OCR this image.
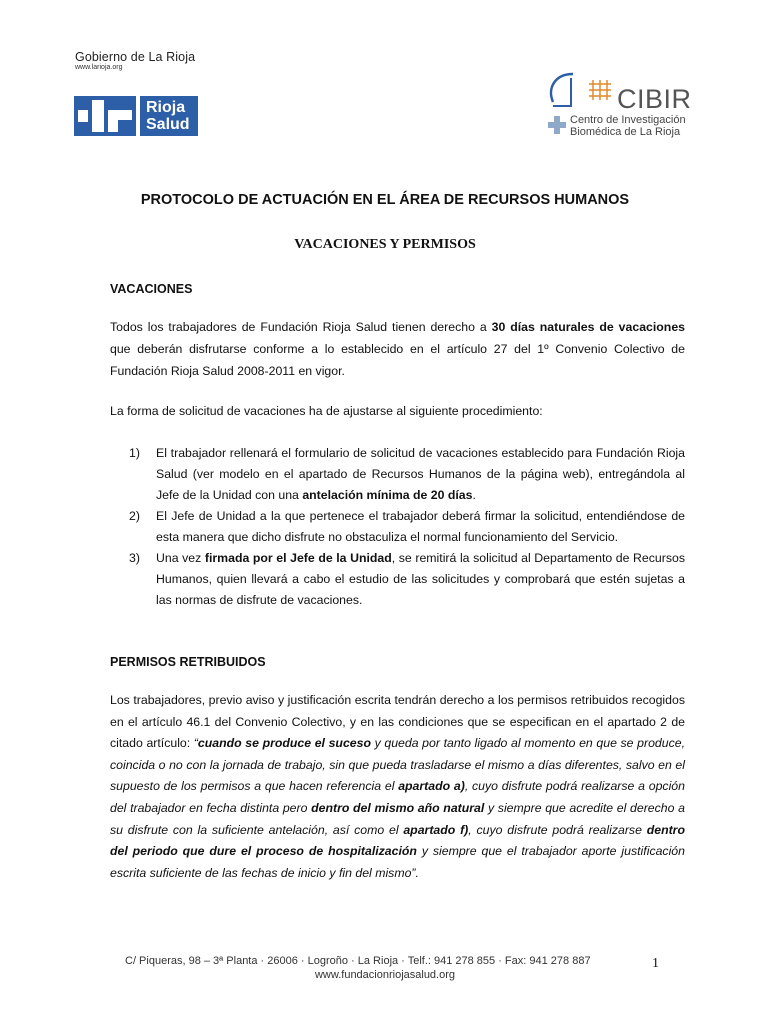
Gobierno de La Rioja
www.larioja.org
Rioja
Salud
CIBIR
Centro de Investigación
Biomédica de La Rioja
PROTOCOLO DE ACTUACIÓN EN EL ÁREA DE RECURSOS HUMANOS
VACACIONES Y PERMISOS
VACACIONES
Todos los trabajadores de Fundación Rioja Salud tienen derecho a 30 días naturales de vacaciones que deberán disfrutarse conforme a lo establecido en el artículo 27 del 1º Convenio Colectivo de Fundación Rioja Salud 2008-2011 en vigor.
La forma de solicitud de vacaciones ha de ajustarse al siguiente procedimiento:
1) El trabajador rellenará el formulario de solicitud de vacaciones establecido para Fundación Rioja Salud (ver modelo en el apartado de Recursos Humanos de la página web), entregándola al Jefe de la Unidad con una antelación mínima de 20 días.
2) El Jefe de Unidad a la que pertenece el trabajador deberá firmar la solicitud, entendiéndose de esta manera que dicho disfrute no obstaculiza el normal funcionamiento del Servicio.
3) Una vez firmada por el Jefe de la Unidad, se remitirá la solicitud al Departamento de Recursos Humanos, quien llevará a cabo el estudio de las solicitudes y comprobará que estén sujetas a las normas de disfrute de vacaciones.
PERMISOS RETRIBUIDOS
Los trabajadores, previo aviso y justificación escrita tendrán derecho a los permisos retribuidos recogidos en el artículo 46.1 del Convenio Colectivo, y en las condiciones que se especifican en el apartado 2 de citado artículo: “cuando se produce el suceso y queda por tanto ligado al momento en que se produce, coincida o no con la jornada de trabajo, sin que pueda trasladarse el mismo a días diferentes, salvo en el supuesto de los permisos a que hacen referencia el apartado a), cuyo disfrute podrá realizarse a opción del trabajador en fecha distinta pero dentro del mismo año natural y siempre que acredite el derecho a su disfrute con la suficiente antelación, así como el apartado f), cuyo disfrute podrá realizarse dentro del periodo que dure el proceso de hospitalización y siempre que el trabajador aporte justificación escrita suficiente de las fechas de inicio y fin del mismo”.
C/ Piqueras, 98 – 3ª Planta · 26006 · Logroño · La Rioja · Telf.: 941 278 855 · Fax: 941 278 887
www.fundacionriojasalud.org
1
